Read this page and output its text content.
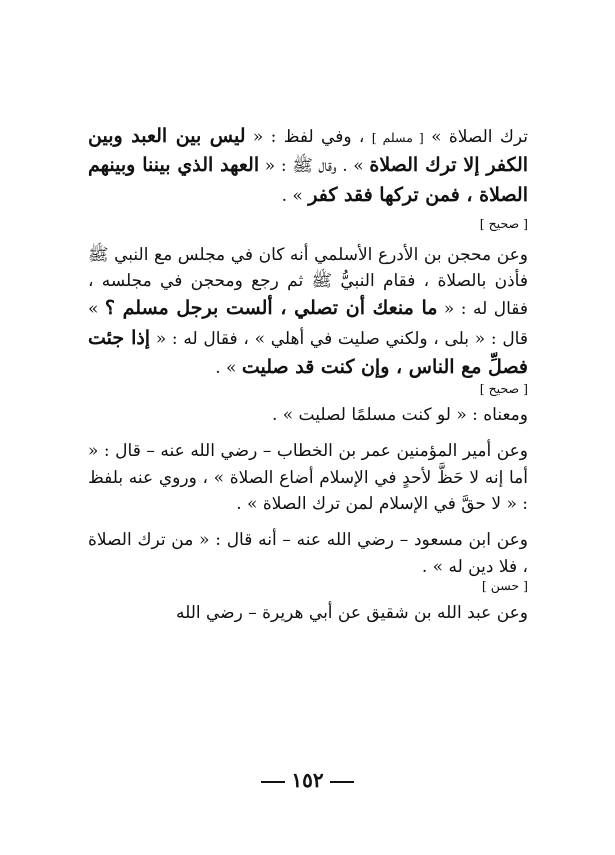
ترك الصلاة » [ مسلم ] ، وفي لفظ : « ليس بين العبد وبين الكفر إلا ترك الصلاة » . وقال ﷺ : « العهد الذي بيننا وبينهم الصلاة ، فمن تركها فقد كفر » .

[ صحيح ]

وعن محجن بن الأدرع الأسلمي أنه كان في مجلس مع النبي ﷺ فأذن بالصلاة ، فقام النبيُّ ﷺ ثم رجع ومحجن في مجلسه ، فقال له : « ما منعك أن تصلي ، ألست برجل مسلم ؟ » قال : « بلى ، ولكني صليت في أهلي » ، فقال له : « إذا جئت فصلِّ مع الناس ، وإن كنت قد صليت » .

[ صحيح ]

ومعناه : « لو كنت مسلمًا لصليت » .

وعن أمير المؤمنين عمر بن الخطاب – رضي الله عنه – قال : « أما إنه لا حَظَّ لأحدٍ في الإسلام أضاع الصلاة » ، وروي عنه بلفظ : « لا حقَّ في الإسلام لمن ترك الصلاة » .

وعن ابن مسعود – رضي الله عنه – أنه قال : « من ترك الصلاة ، فلا دين له » .

[ حسن ]

وعن عبد الله بن شقيق عن أبي هريرة – رضي الله

١٥٢
